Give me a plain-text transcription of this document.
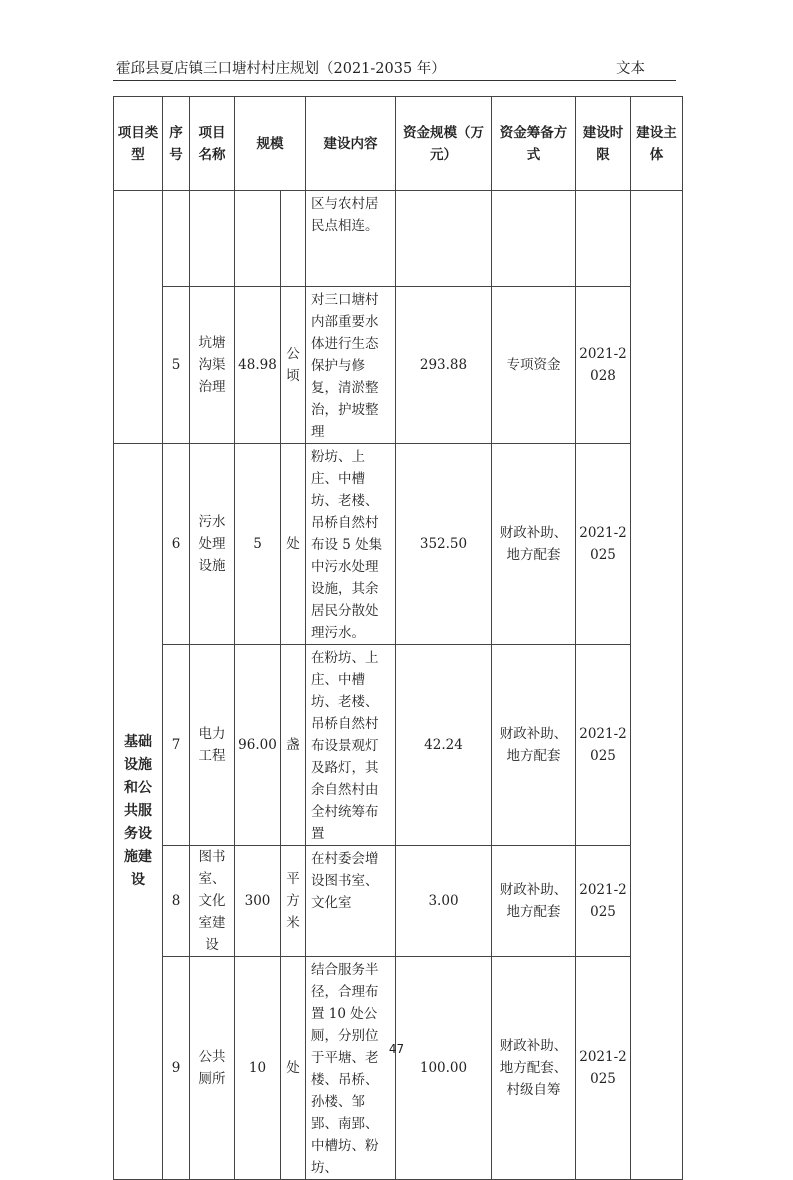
霍邱县夏店镇三口塘村村庄规划（2021-2035 年）	文本
项目类型	序号	项目名称	规模		建设内容	资金规模（万元）	资金筹备方式	建设时限	建设主体
					区与农村居民点相连。				
	5	坑塘沟渠治理	48.98	公顷	对三口塘村内部重要水体进行生态保护与修复，清淤整治，护坡整理	293.88	专项资金	2021-2028	
基础设施和公共服务设施建设	6	污水处理设施	5	处	粉坊、上庄、中槽坊、老楼、吊桥自然村布设 5 处集中污水处理设施，其余居民分散处理污水。	352.50	财政补助、地方配套	2021-2025	
	7	电力工程	96.00	盏	在粉坊、上庄、中槽坊、老楼、吊桥自然村布设景观灯及路灯，其余自然村由全村统筹布置	42.24	财政补助、地方配套	2021-2025	
	8	图书室、文化室建设	300	平方米	在村委会增设图书室、文化室	3.00	财政补助、地方配套	2021-2025	
	9	公共厕所	10	处	结合服务半径，合理布置 10 处公厕，分别位于平塘、老楼、吊桥、孙楼、邹郢、南郢、中槽坊、粉坊、	100.00	财政补助、地方配套、村级自筹	2021-2025	
47
